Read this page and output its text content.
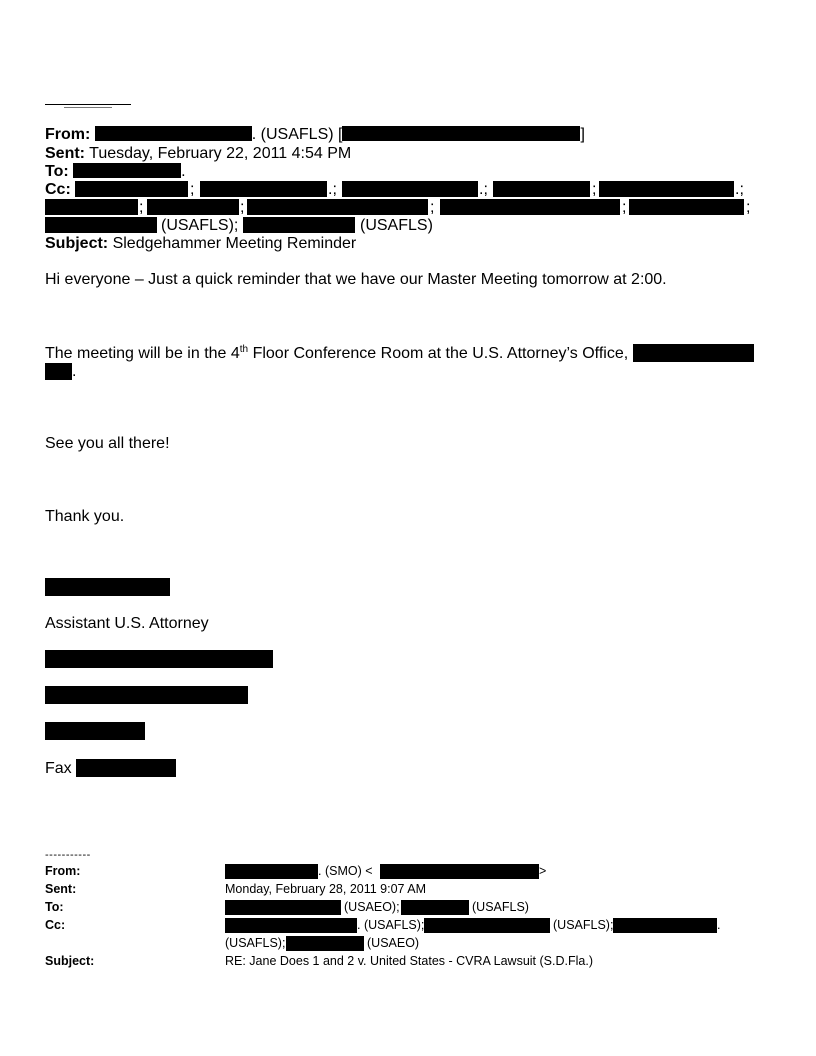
From:	. (USAFLS) [	]
Sent: Tuesday, February 22, 2011 4:54 PM
To:	.
Cc:	;	.;	.;	;	.;
;	;	;	;	;
(USAFLS);	(USAFLS)
Subject: Sledgehammer Meeting Reminder
Hi everyone – Just a quick reminder that we have our Master Meeting tomorrow at 2:00.
The meeting will be in the 4th Floor Conference Room at the U.S. Attorney’s Office,
.
See you all there!
Thank you.
Assistant U.S. Attorney
Fax
-----------
From:	. (SMO) <	>
Sent:	Monday, February 28, 2011 9:07 AM
To:	(USAEO);	(USAFLS)
Cc:	. (USAFLS);	(USAFLS);	.
(USAFLS);	(USAEO)
Subject:	RE: Jane Does 1 and 2 v. United States - CVRA Lawsuit (S.D.Fla.)
